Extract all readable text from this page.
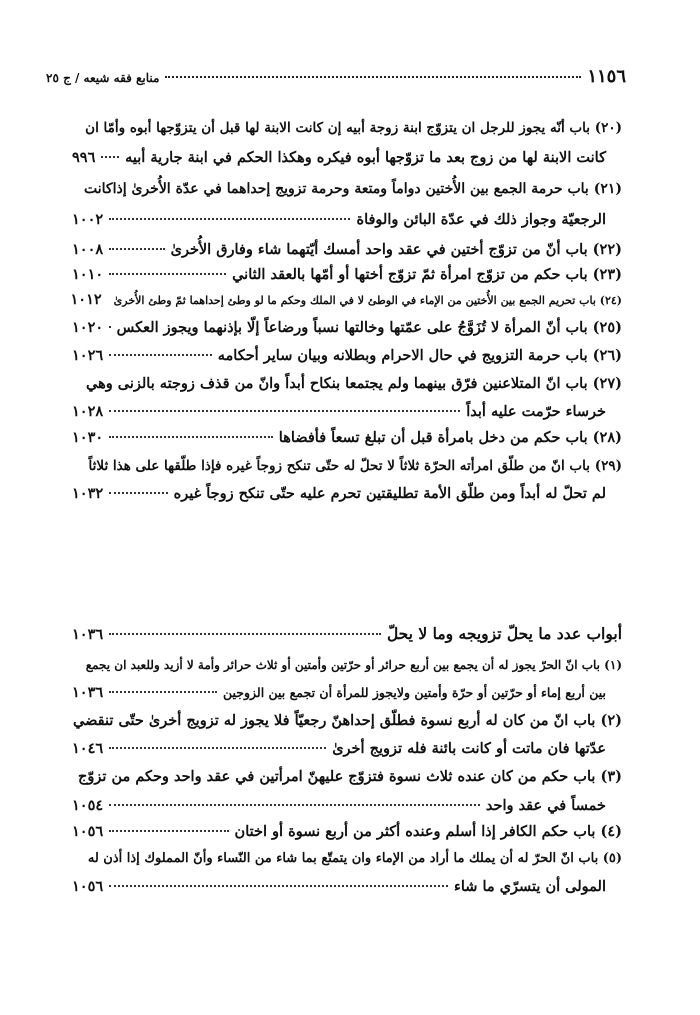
١١٥٦
منابع فقه شيعه / ج ٢٥
(٢٠) باب أنّه يجوز للرجل ان يتزوّج ابنة زوجة أبيه إن كانت الابنة لها قبل أن يتزوّجها أبوه وأمّا ان
كانت الابنة لها من زوج بعد ما تزوّجها أبوه فيكره وهكذا الحكم في ابنة جارية أبيه
٩٩٦
(٢١) باب حرمة الجمع بين الأُختين دواماً ومتعة وحرمة تزويج إحداهما في عدّة الأُخرىٰ إذاكانت
الرجعيّة وجواز ذلك في عدّة البائن والوفاة
١٠٠٢
(٢٢) باب أنّ من تزوّج أختين في عقد واحد أمسك أيّتهما شاء وفارق الأُخرىٰ
١٠٠٨
(٢٣) باب حكم من تزوّج امرأة ثمّ تزوّج أختها أو أمّها بالعقد الثاني
١٠١٠
(٢٤) باب تحريم الجمع بين الأُختين من الإماء في الوطئ لا في الملك وحكم ما لو وطئ إحداهما ثمّ وطئ الأُخرىٰ
١٠١٢
(٢٥) باب أنّ المرأة لا تُزَوَّجُ على عمّتها وخالتها نسباً ورضاعاً إلّا بإذنهما ويجوز العكس
١٠٢٠
(٢٦) باب حرمة التزويج في حال الاحرام وبطلانه وبيان ساير أحكامه
١٠٢٦
(٢٧) باب انّ المتلاعنين فرّق بينهما ولم يجتمعا بنكاح أبداً وانّ من قذف زوجته بالزنى وهي
خرساء حرّمت عليه أبداً
١٠٢٨
(٢٨) باب حكم من دخل بامرأة قبل أن تبلغ تسعاً فأفضاها
١٠٣٠
(٢٩) باب انّ من طلّق امرأته الحرّة ثلاثاً لا تحلّ له حتّى تنكح زوجاً غيره فإذا طلّقها على هذا ثلاثاً
لم تحلّ له أبداً ومن طلّق الأمة تطليقتين تحرم عليه حتّى تنكح زوجاً غيره
١٠٣٢
أبواب عدد ما يحلّ تزويجه وما لا يحلّ
١٠٣٦
(١) باب انّ الحرّ يجوز له أن يجمع بين أربع حرائر أو حرّتين وأمتين أو ثلاث حرائر وأمة لا أزيد وللعبد ان يجمع
بين أربع إماء أو حرّتين أو حرّة وأمتين ولايجوز للمرأة أن تجمع بين الزوجين
١٠٣٦
(٢) باب انّ من كان له أربع نسوة فطلّق إحداهنّ رجعيّاً فلا يجوز له تزويج أخرىٰ حتّى تنقضي
عدّتها فان ماتت أو كانت بائنة فله تزويج أخرىٰ
١٠٤٦
(٣) باب حكم من كان عنده ثلاث نسوة فتزوّج عليهنّ امرأتين في عقد واحد وحكم من تزوّج
خمساً في عقد واحد
١٠٥٤
(٤) باب حكم الكافر إذا أسلم وعنده أكثر من أربع نسوة أو اختان
١٠٥٦
(٥) باب انّ الحرّ له أن يملك ما أراد من الإماء وان يتمتّع بما شاء من النّساء وأنّ المملوك إذا أذن له
المولى أن يتسرّي ما شاء
١٠٥٦
